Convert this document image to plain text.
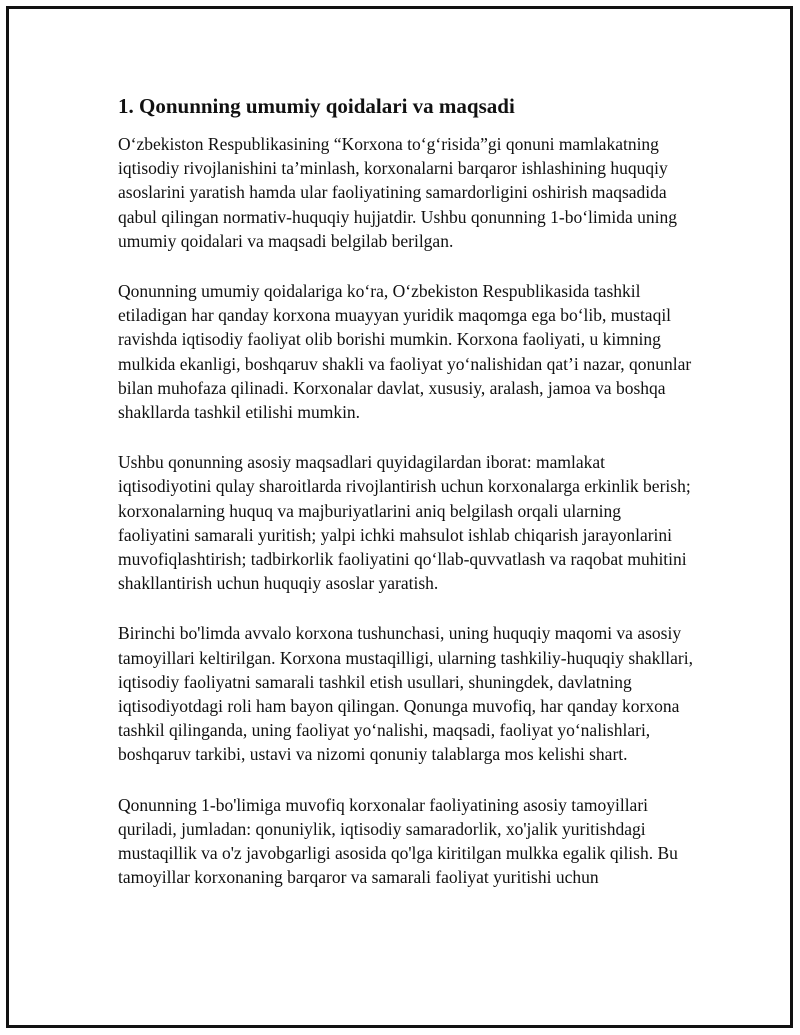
1. Qonunning umumiy qoidalari va maqsadi

O‘zbekiston Respublikasining “Korxona to‘g‘risida”gi qonuni mamlakatning iqtisodiy rivojlanishini ta’minlash, korxonalarni barqaror ishlashining huquqiy asoslarini yaratish hamda ular faoliyatining samardorligini oshirish maqsadida qabul qilingan normativ-huquqiy hujjatdir. Ushbu qonunning 1-bo‘limida uning umumiy qoidalari va maqsadi belgilab berilgan.

Qonunning umumiy qoidalariga ko‘ra, O‘zbekiston Respublikasida tashkil etiladigan har qanday korxona muayyan yuridik maqomga ega bo‘lib, mustaqil ravishda iqtisodiy faoliyat olib borishi mumkin. Korxona faoliyati, u kimning mulkida ekanligi, boshqaruv shakli va faoliyat yo‘nalishidan qat’i nazar, qonunlar bilan muhofaza qilinadi. Korxonalar davlat, xususiy, aralash, jamoa va boshqa shakllarda tashkil etilishi mumkin.

Ushbu qonunning asosiy maqsadlari quyidagilardan iborat: mamlakat iqtisodiyotini qulay sharoitlarda rivojlantirish uchun korxonalarga erkinlik berish; korxonalarning huquq va majburiyatlarini aniq belgilash orqali ularning faoliyatini samarali yuritish; yalpi ichki mahsulot ishlab chiqarish jarayonlarini muvofiqlashtirish; tadbirkorlik faoliyatini qo‘llab-quvvatlash va raqobat muhitini shakllantirish uchun huquqiy asoslar yaratish.

Birinchi bo'limda avvalo korxona tushunchasi, uning huquqiy maqomi va asosiy tamoyillari keltirilgan. Korxona mustaqilligi, ularning tashkiliy-huquqiy shakllari, iqtisodiy faoliyatni samarali tashkil etish usullari, shuningdek, davlatning iqtisodiyotdagi roli ham bayon qilingan. Qonunga muvofiq, har qanday korxona tashkil qilinganda, uning faoliyat yo‘nalishi, maqsadi, faoliyat yo‘nalishlari, boshqaruv tarkibi, ustavi va nizomi qonuniy talablarga mos kelishi shart.

Qonunning 1-bo'limiga muvofiq korxonalar faoliyatining asosiy tamoyillari quriladi, jumladan: qonuniylik, iqtisodiy samaradorlik, xo'jalik yuritishdagi mustaqillik va o'z javobgarligi asosida qo'lga kiritilgan mulkka egalik qilish. Bu tamoyillar korxonaning barqaror va samarali faoliyat yuritishi uchun
